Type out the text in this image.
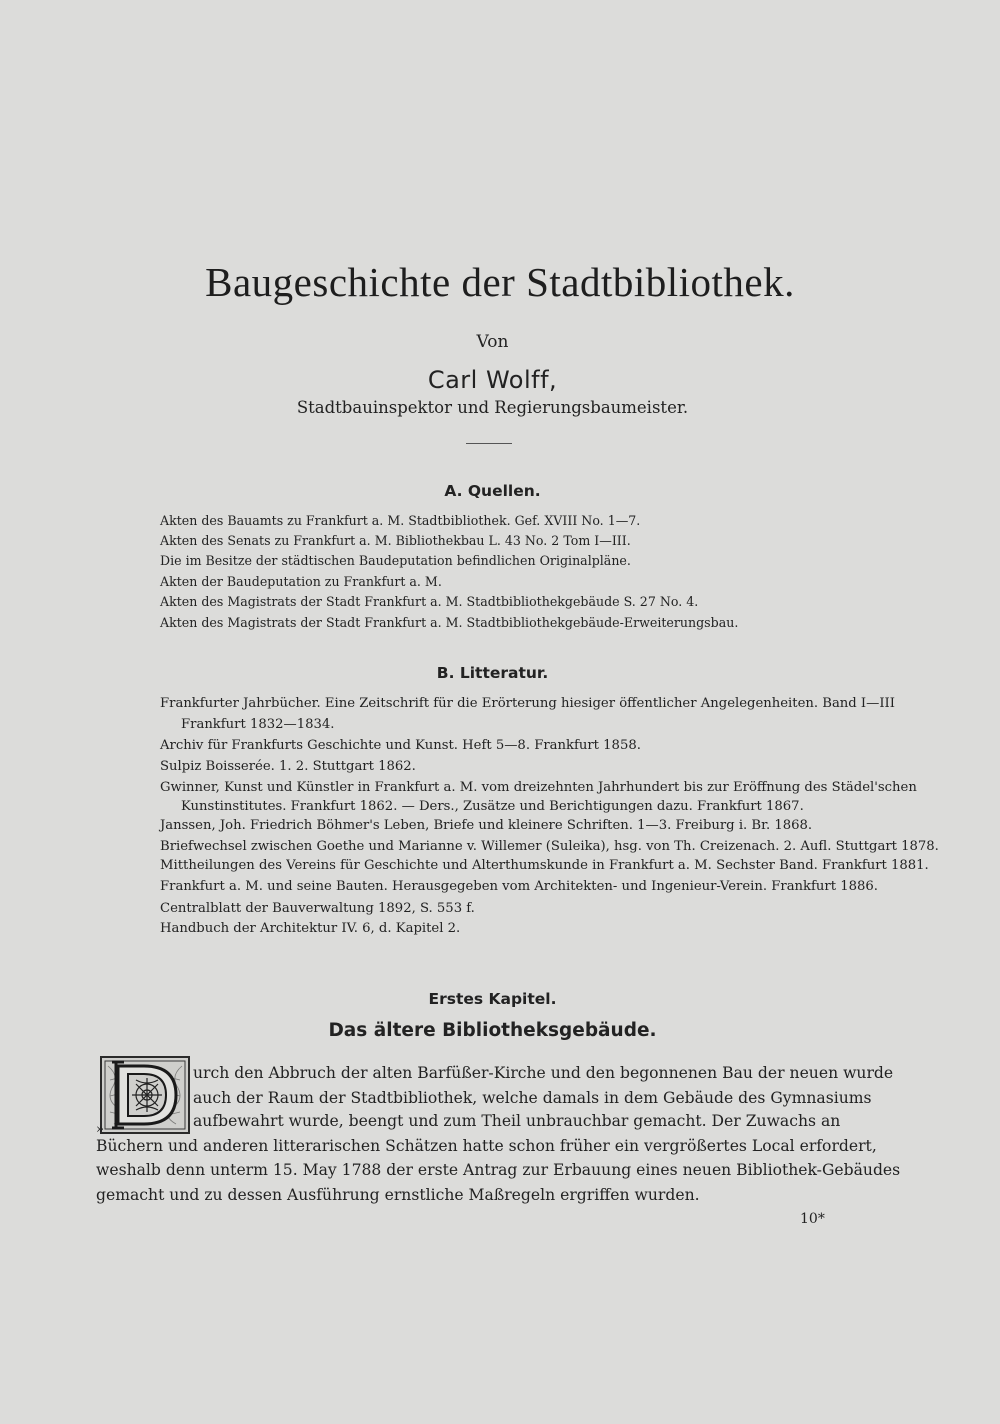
Baugeschichte der Stadtbibliothek.
Von
Carl Wolff,
Stadtbauinspektor und Regierungsbaumeister.
A. Quellen.
Akten des Bauamts zu Frankfurt a. M. Stadtbibliothek. Gef. XVIII No. 1—7.
Akten des Senats zu Frankfurt a. M. Bibliothekbau L. 43 No. 2 Tom I—III.
Die im Besitze der städtischen Baudeputation befindlichen Originalpläne.
Akten der Baudeputation zu Frankfurt a. M.
Akten des Magistrats der Stadt Frankfurt a. M. Stadtbibliothekgebäude S. 27 No. 4.
Akten des Magistrats der Stadt Frankfurt a. M. Stadtbibliothekgebäude-Erweiterungsbau.
B. Litteratur.
Frankfurter Jahrbücher. Eine Zeitschrift für die Erörterung hiesiger öffentlicher Angelegenheiten. Band I—III
Frankfurt 1832—1834.
Archiv für Frankfurts Geschichte und Kunst. Heft 5—8. Frankfurt 1858.
Sulpiz Boisserée. 1. 2. Stuttgart 1862.
Gwinner, Kunst und Künstler in Frankfurt a. M. vom dreizehnten Jahrhundert bis zur Eröffnung des Städel'schen
Kunstinstitutes. Frankfurt 1862. — Ders., Zusätze und Berichtigungen dazu. Frankfurt 1867.
Janssen, Joh. Friedrich Böhmer's Leben, Briefe und kleinere Schriften. 1—3. Freiburg i. Br. 1868.
Briefwechsel zwischen Goethe und Marianne v. Willemer (Suleika), hsg. von Th. Creizenach. 2. Aufl. Stuttgart 1878.
Mittheilungen des Vereins für Geschichte und Alterthumskunde in Frankfurt a. M. Sechster Band. Frankfurt 1881.
Frankfurt a. M. und seine Bauten. Herausgegeben vom Architekten- und Ingenieur-Verein. Frankfurt 1886.
Centralblatt der Bauverwaltung 1892, S. 553 f.
Handbuch der Architektur IV. 6, d. Kapitel 2.
Erstes Kapitel.
Das ältere Bibliotheksgebäude.
»
urch den Abbruch der alten Barfüßer-Kirche und den begonnenen Bau der neuen wurde
auch der Raum der Stadtbibliothek, welche damals in dem Gebäude des Gymnasiums
aufbewahrt wurde, beengt und zum Theil unbrauchbar gemacht. Der Zuwachs an
Büchern und anderen litterarischen Schätzen hatte schon früher ein vergrößertes Local erfordert,
weshalb denn unterm 15. May 1788 der erste Antrag zur Erbauung eines neuen Bibliothek-Gebäudes
gemacht und zu dessen Ausführung ernstliche Maßregeln ergriffen wurden.
10*
